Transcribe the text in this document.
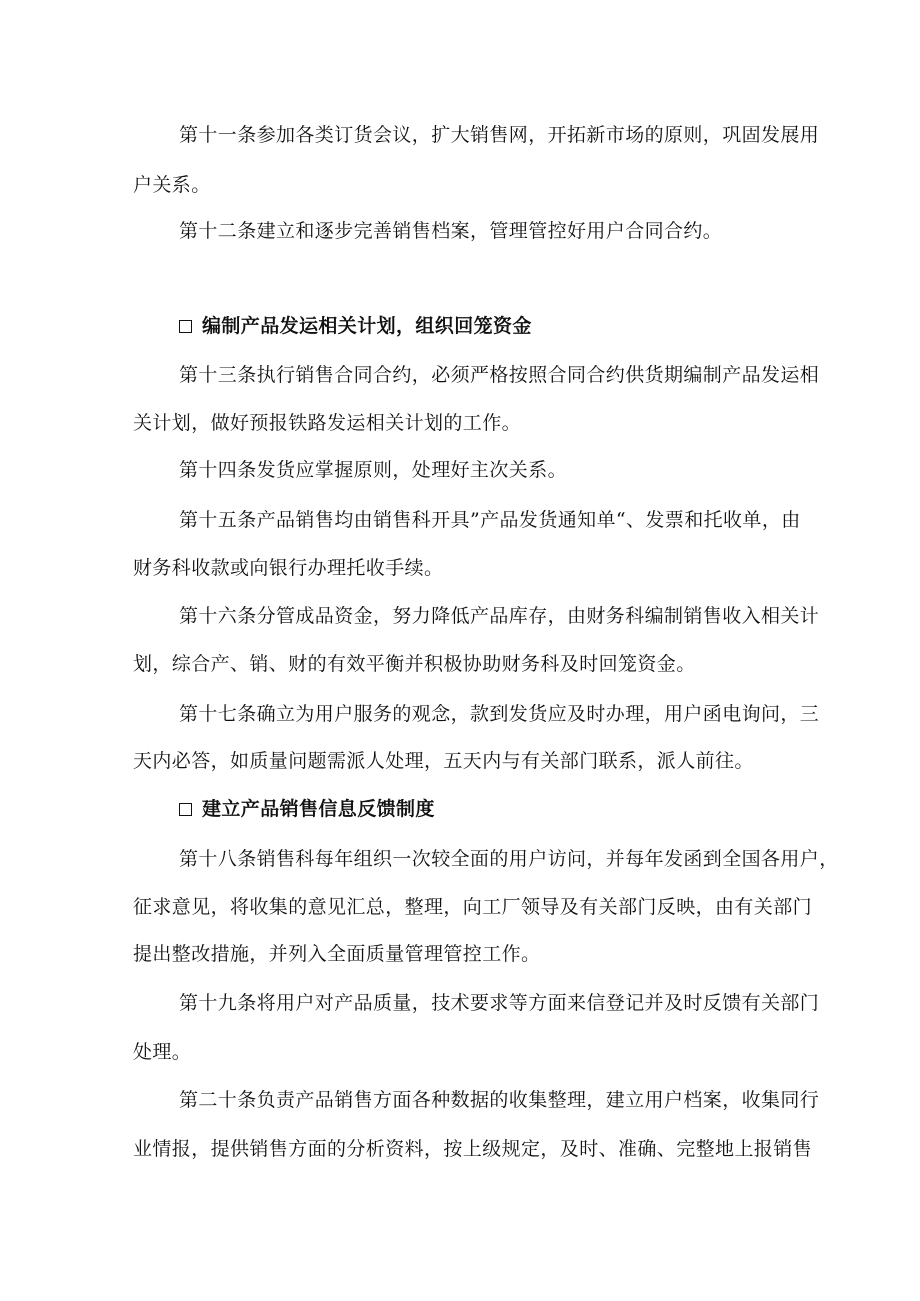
第十一条参加各类订货会议，扩大销售网，开拓新市场的原则，巩固发展用

户关系。

第十二条建立和逐步完善销售档案，管理管控好用户合同合约。

编制产品发运相关计划，组织回笼资金

第十三条执行销售合同合约，必须严格按照合同合约供货期编制产品发运相

关计划，做好预报铁路发运相关计划的工作。

第十四条发货应掌握原则，处理好主次关系。

第十五条产品销售均由销售科开具”产品发货通知单“、发票和托收单，由

财务科收款或向银行办理托收手续。

第十六条分管成品资金，努力降低产品库存，由财务科编制销售收入相关计

划，综合产、销、财的有效平衡并积极协助财务科及时回笼资金。

第十七条确立为用户服务的观念，款到发货应及时办理，用户函电询问，三

天内必答，如质量问题需派人处理，五天内与有关部门联系，派人前往。

建立产品销售信息反馈制度

第十八条销售科每年组织一次较全面的用户访问，并每年发函到全国各用户，

征求意见，将收集的意见汇总，整理，向工厂领导及有关部门反映，由有关部门

提出整改措施，并列入全面质量管理管控工作。

第十九条将用户对产品质量，技术要求等方面来信登记并及时反馈有关部门

处理。

第二十条负责产品销售方面各种数据的收集整理，建立用户档案，收集同行

业情报，提供销售方面的分析资料，按上级规定，及时、准确、完整地上报销售
